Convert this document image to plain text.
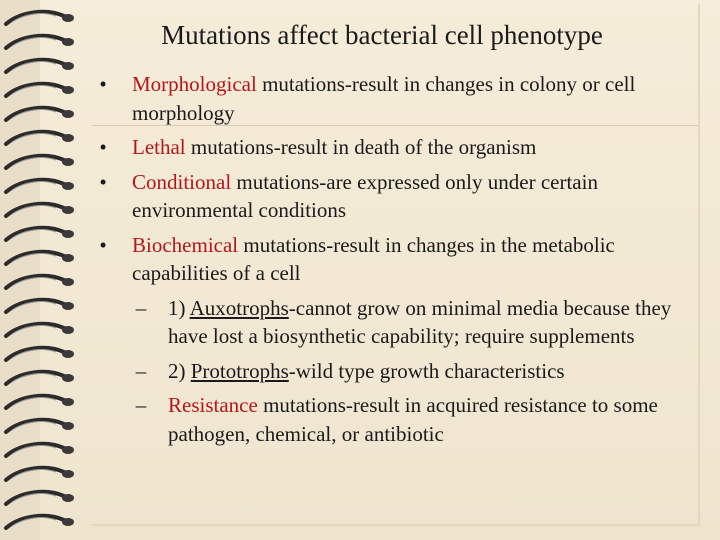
Mutations affect bacterial cell phenotype
• Morphological mutations-result in changes in colony or cell morphology
• Lethal mutations-result in death of the organism
• Conditional mutations-are expressed only under certain environmental conditions
• Biochemical mutations-result in changes in the metabolic capabilities of a cell
– 1) Auxotrophs-cannot grow on minimal media because they have lost a biosynthetic capability; require supplements
– 2) Prototrophs-wild type growth characteristics
– Resistance mutations-result in acquired resistance to some pathogen, chemical, or antibiotic
